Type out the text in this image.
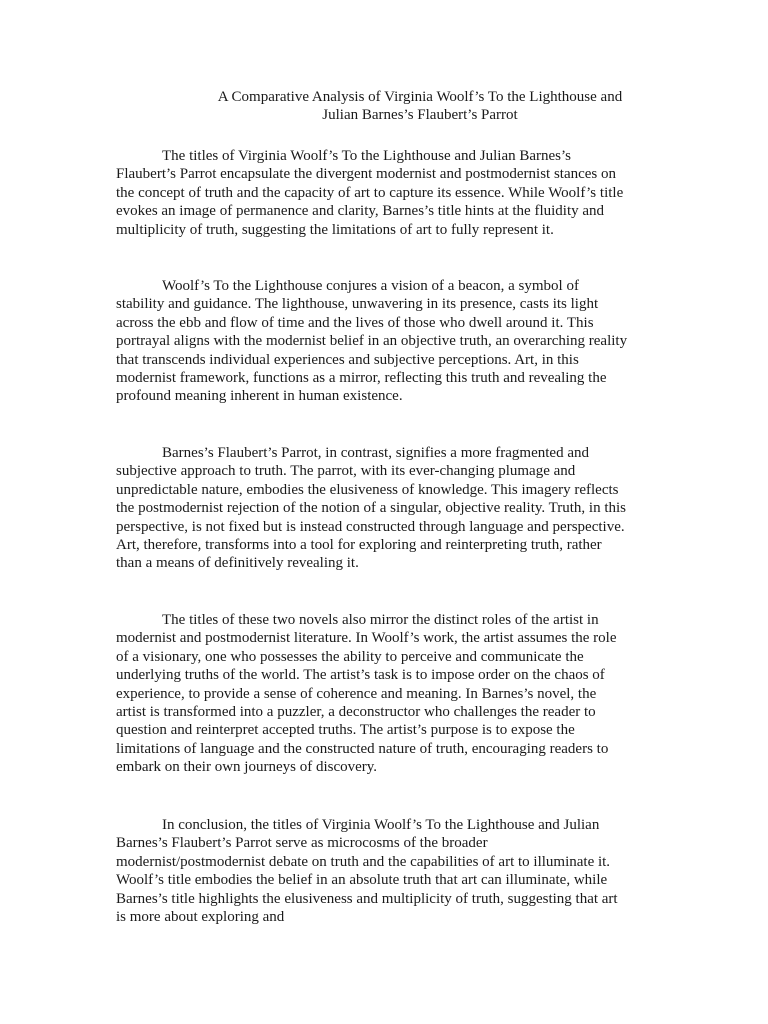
A Comparative Analysis of Virginia Woolf’s To the Lighthouse and Julian Barnes’s Flaubert’s Parrot

The titles of Virginia Woolf’s To the Lighthouse and Julian Barnes’s Flaubert’s Parrot encapsulate the divergent modernist and postmodernist stances on the concept of truth and the capacity of art to capture its essence. While Woolf’s title evokes an image of permanence and clarity, Barnes’s title hints at the fluidity and multiplicity of truth, suggesting the limitations of art to fully represent it.

Woolf’s To the Lighthouse conjures a vision of a beacon, a symbol of stability and guidance. The lighthouse, unwavering in its presence, casts its light across the ebb and flow of time and the lives of those who dwell around it. This portrayal aligns with the modernist belief in an objective truth, an overarching reality that transcends individual experiences and subjective perceptions. Art, in this modernist framework, functions as a mirror, reflecting this truth and revealing the profound meaning inherent in human existence.

Barnes’s Flaubert’s Parrot, in contrast, signifies a more fragmented and subjective approach to truth. The parrot, with its ever-changing plumage and unpredictable nature, embodies the elusiveness of knowledge. This imagery reflects the postmodernist rejection of the notion of a singular, objective reality. Truth, in this perspective, is not fixed but is instead constructed through language and perspective. Art, therefore, transforms into a tool for exploring and reinterpreting truth, rather than a means of definitively revealing it.

The titles of these two novels also mirror the distinct roles of the artist in modernist and postmodernist literature. In Woolf’s work, the artist assumes the role of a visionary, one who possesses the ability to perceive and communicate the underlying truths of the world. The artist’s task is to impose order on the chaos of experience, to provide a sense of coherence and meaning. In Barnes’s novel, the artist is transformed into a puzzler, a deconstructor who challenges the reader to question and reinterpret accepted truths. The artist’s purpose is to expose the limitations of language and the constructed nature of truth, encouraging readers to embark on their own journeys of discovery.

In conclusion, the titles of Virginia Woolf’s To the Lighthouse and Julian Barnes’s Flaubert’s Parrot serve as microcosms of the broader modernist/postmodernist debate on truth and the capabilities of art to illuminate it. Woolf’s title embodies the belief in an absolute truth that art can illuminate, while Barnes’s title highlights the elusiveness and multiplicity of truth, suggesting that art is more about exploring and
